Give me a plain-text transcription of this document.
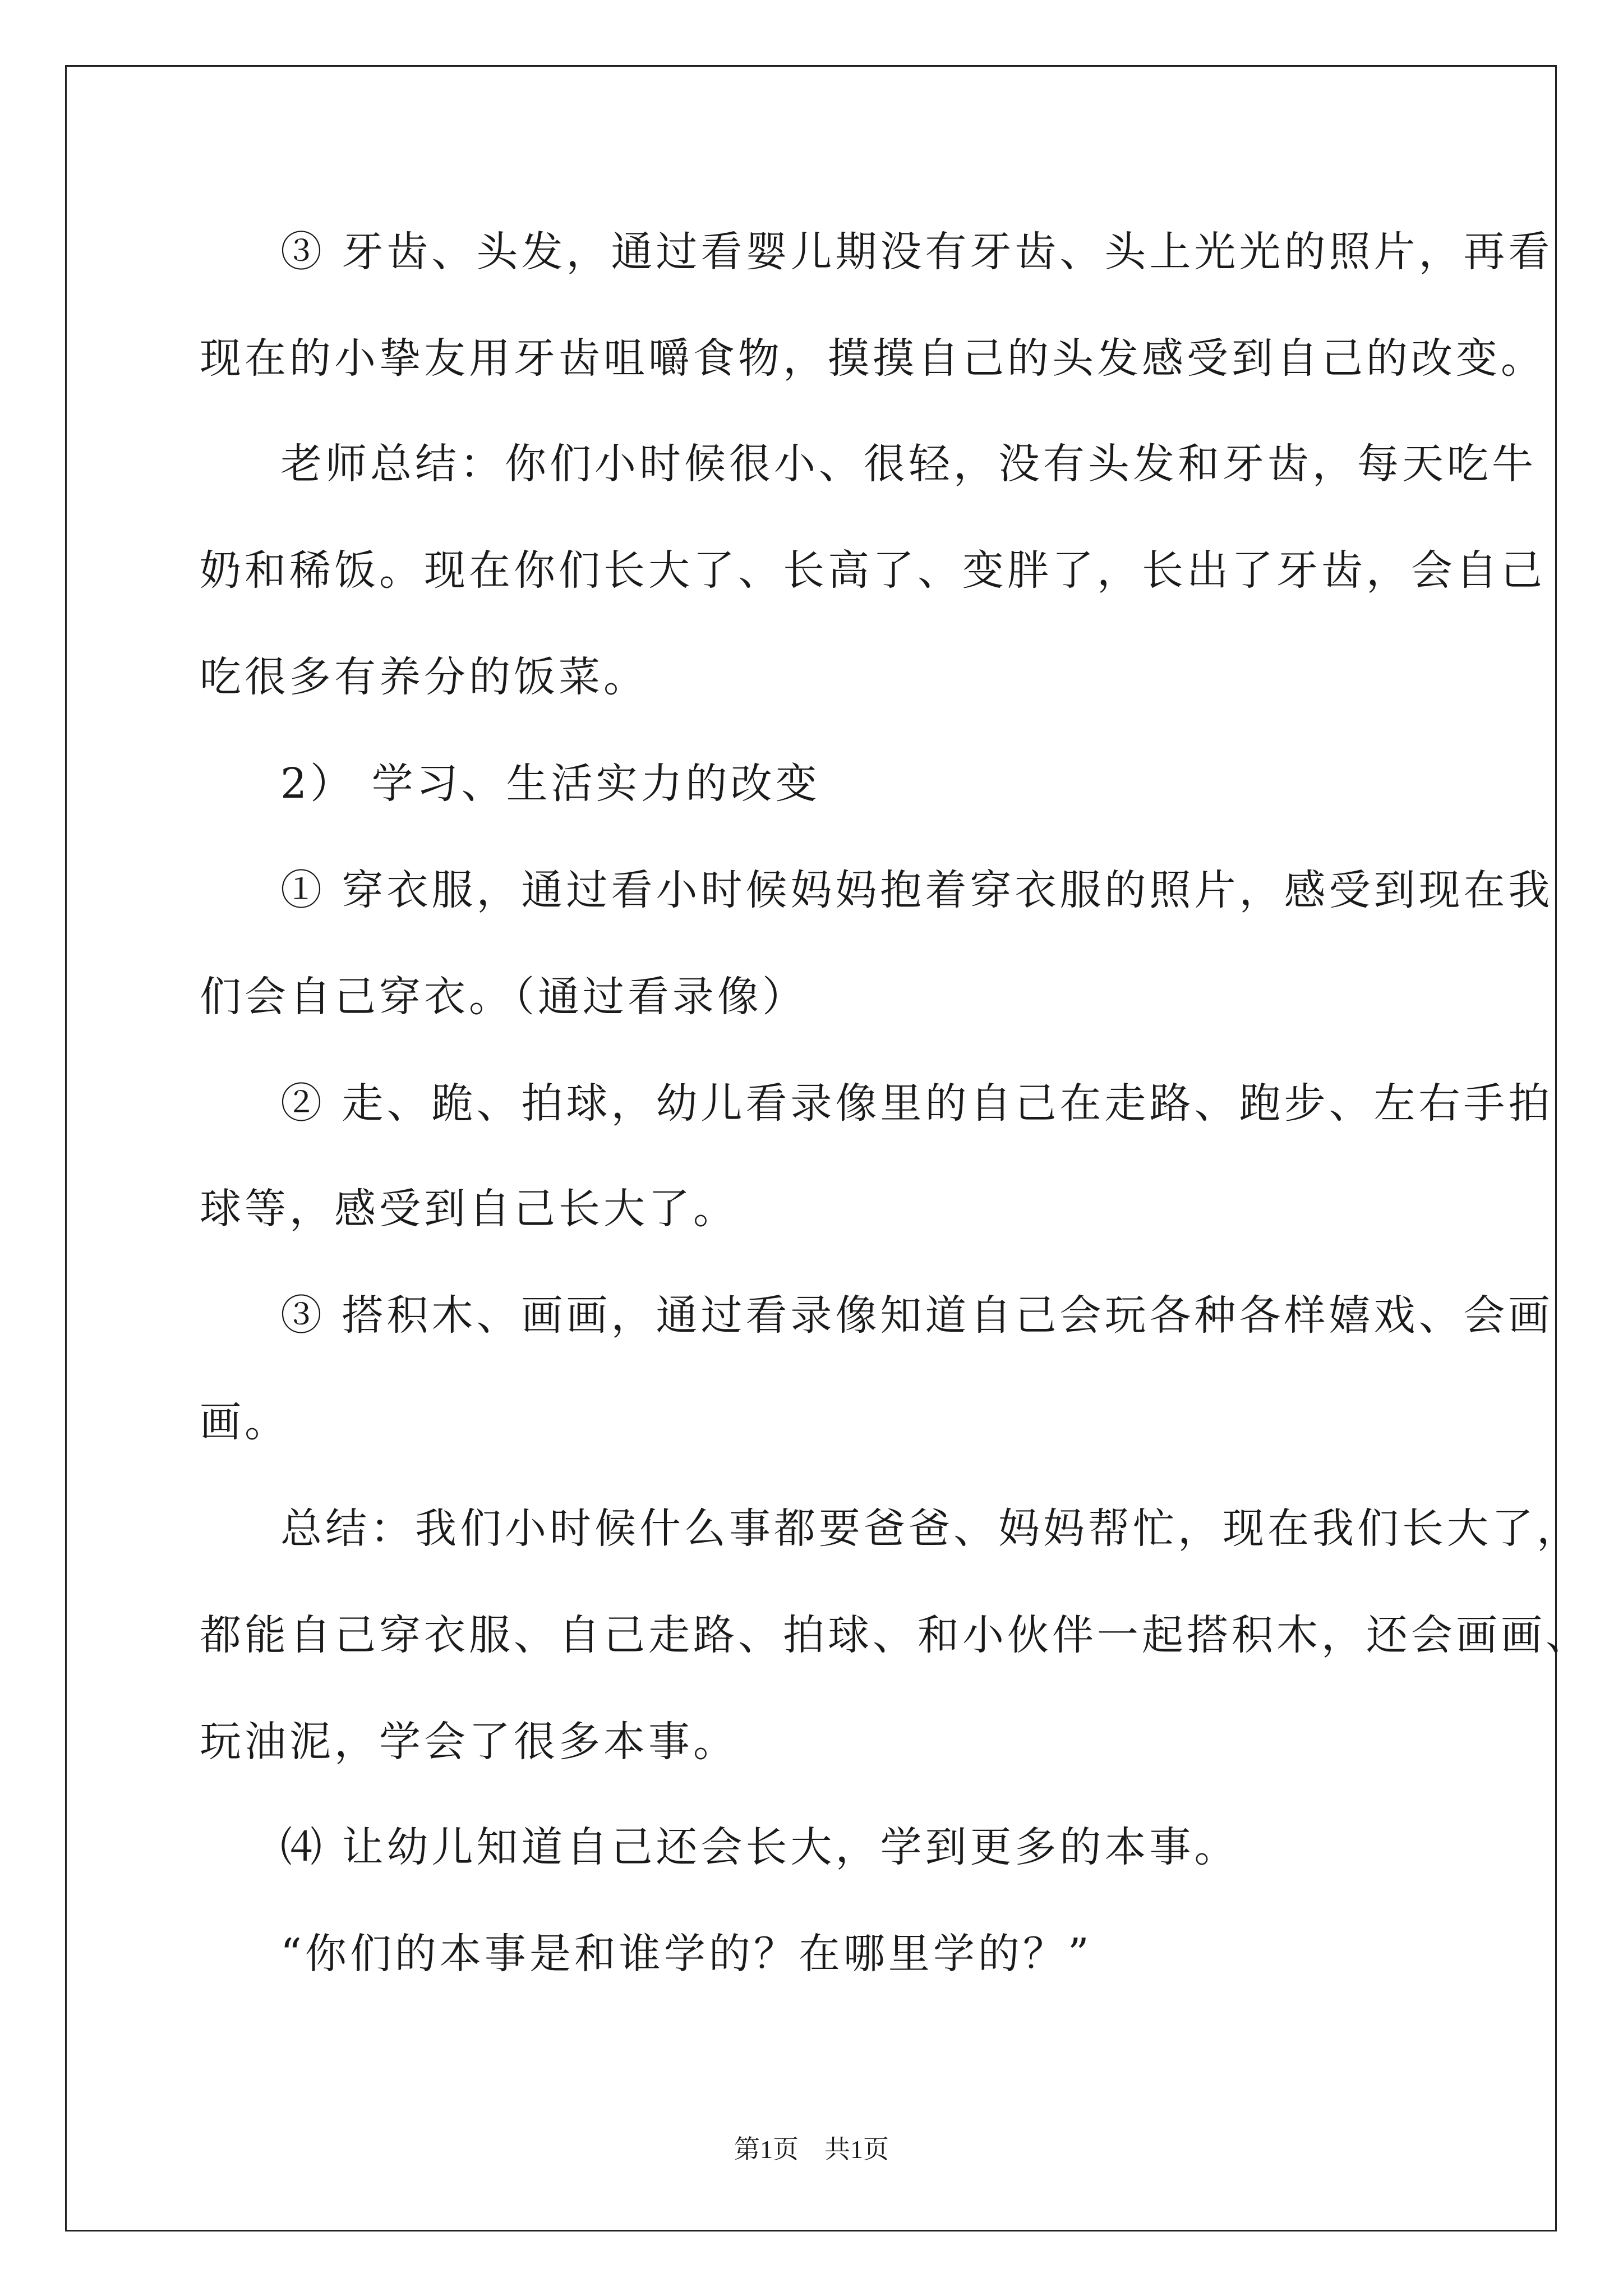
③ 牙齿、头发，通过看婴儿期没有牙齿、头上光光的照片，再看
现在的小挚友用牙齿咀嚼食物，摸摸自己的头发感受到自己的改变。
老师总结：你们小时候很小、很轻，没有头发和牙齿，每天吃牛
奶和稀饭。现在你们长大了、长高了、变胖了，长出了牙齿，会自己
吃很多有养分的饭菜。
2） 学习、生活实力的改变
① 穿衣服，通过看小时候妈妈抱着穿衣服的照片，感受到现在我
们会自己穿衣。（通过看录像）
② 走、跪、拍球，幼儿看录像里的自己在走路、跑步、左右手拍
球等，感受到自己长大了。
③ 搭积木、画画，通过看录像知道自己会玩各种各样嬉戏、会画
画。
总结：我们小时候什么事都要爸爸、妈妈帮忙，现在我们长大了，
都能自己穿衣服、自己走路、拍球、和小伙伴一起搭积木，还会画画、
玩油泥，学会了很多本事。
⑷ 让幼儿知道自己还会长大，学到更多的本事。
“你们的本事是和谁学的？在哪里学的？”
第1页　共1页
